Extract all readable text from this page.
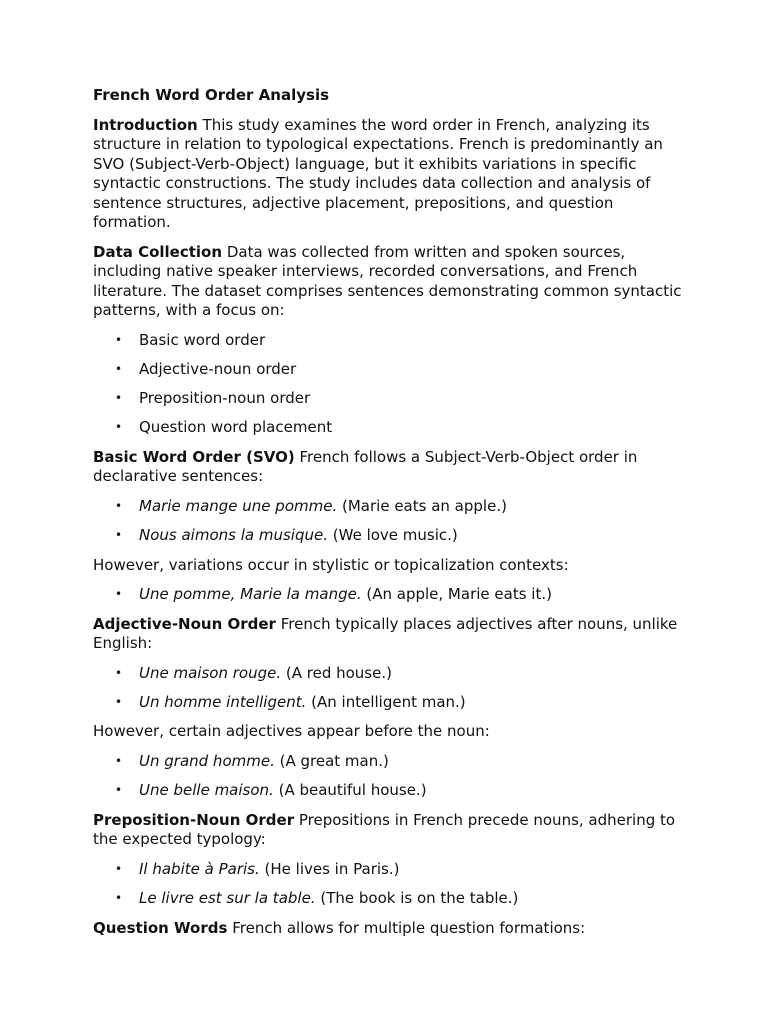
French Word Order Analysis

Introduction This study examines the word order in French, analyzing its structure in relation to typological expectations. French is predominantly an SVO (Subject-Verb-Object) language, but it exhibits variations in specific syntactic constructions. The study includes data collection and analysis of sentence structures, adjective placement, prepositions, and question formation.

Data Collection Data was collected from written and spoken sources, including native speaker interviews, recorded conversations, and French literature. The dataset comprises sentences demonstrating common syntactic patterns, with a focus on:

• Basic word order
• Adjective-noun order
• Preposition-noun order
• Question word placement

Basic Word Order (SVO) French follows a Subject-Verb-Object order in declarative sentences:

• Marie mange une pomme. (Marie eats an apple.)
• Nous aimons la musique. (We love music.)

However, variations occur in stylistic or topicalization contexts:

• Une pomme, Marie la mange. (An apple, Marie eats it.)

Adjective-Noun Order French typically places adjectives after nouns, unlike English:

• Une maison rouge. (A red house.)
• Un homme intelligent. (An intelligent man.)

However, certain adjectives appear before the noun:

• Un grand homme. (A great man.)
• Une belle maison. (A beautiful house.)

Preposition-Noun Order Prepositions in French precede nouns, adhering to the expected typology:

• Il habite à Paris. (He lives in Paris.)
• Le livre est sur la table. (The book is on the table.)

Question Words French allows for multiple question formations:
